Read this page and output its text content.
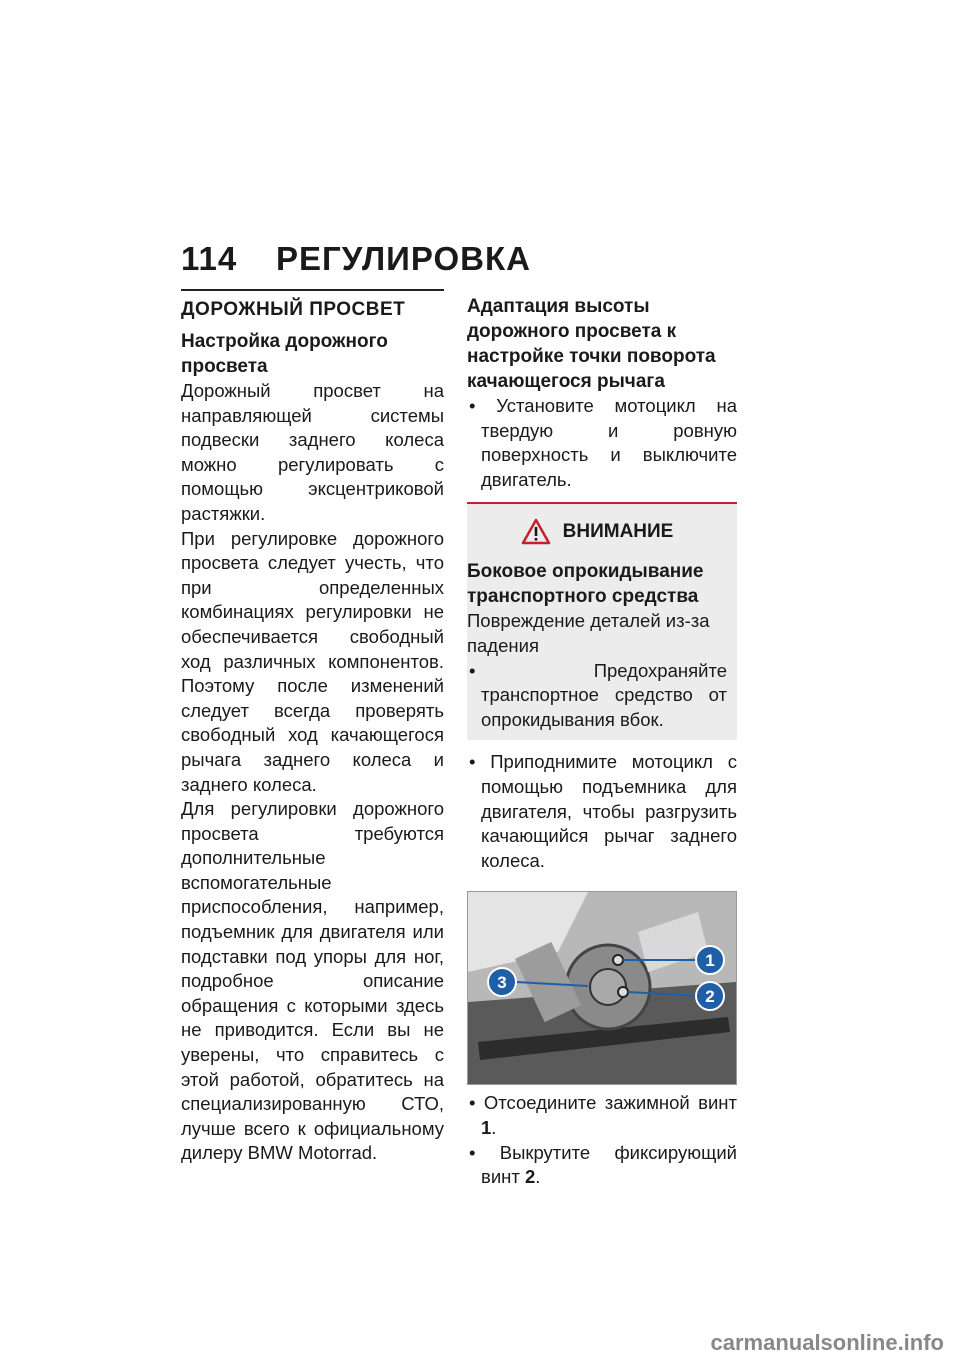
114 РЕГУЛИРОВКА
ДОРОЖНЫЙ ПРОСВЕТ
Настройка дорожного просвета

Дорожный просвет на направляющей системы подвески заднего колеса можно регулировать с помощью эксцентриковой растяжки.

При регулировке дорожного просвета следует учесть, что при определенных комбинациях регулировки не обеспечивается свободный ход различных компонентов. Поэтому после изменений следует всегда проверять свободный ход качающегося рычага заднего колеса и заднего колеса.

Для регулировки дорожного просвета требуются дополнительные вспомогательные приспособления, например, подъемник для двигателя или подставки под упоры для ног, подробное описание обращения с которыми здесь не приводится. Если вы не уверены, что справитесь с этой работой, обратитесь на специализированную СТО, лучше всего к официальному дилеру BMW Motorrad.

Адаптация высоты дорожного просвета к настройке точки поворота качающегося рычага
• Установите мотоцикл на твердую и ровную поверхность и выключите двигатель.
ВНИМАНИЕ
Боковое опрокидывание транспортного средства

Повреждение деталей из-за падения

• Предохраняйте транспортное средство от опрокидывания вбок.
• Приподнимите мотоцикл с помощью подъемника для двигателя, чтобы разгрузить качающийся рычаг заднего колеса.
1
2
3
• Отсоедините зажимной винт 1.
• Выкрутите фиксирующий винт 2.
carmanualsonline.info
